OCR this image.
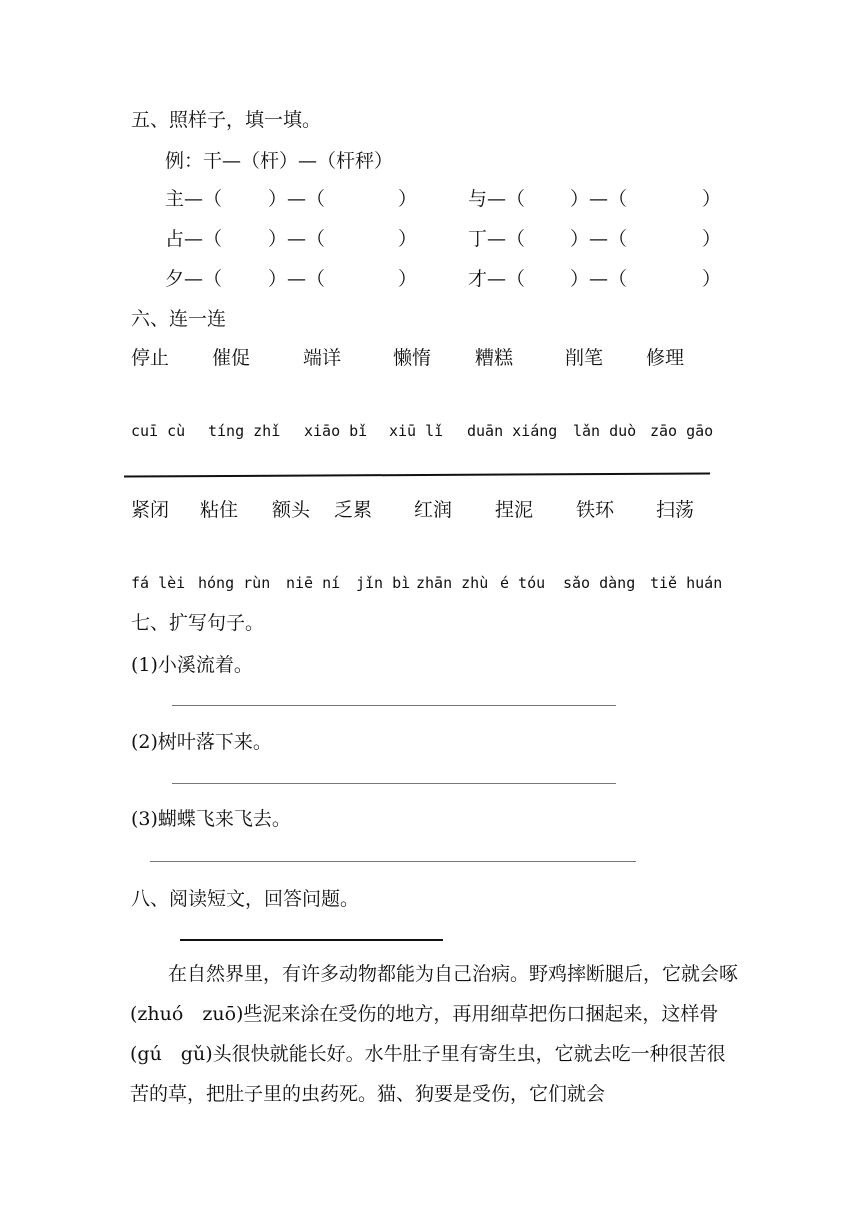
五、照样子，填一填。
例：干—（杆）—（杆秤）
主—（ ）—（	）	与—（ ）—（	）
占—（ ）—（	）	丁—（ ）—（	）
夕—（ ）—（	）	才—（ ）—（	）
六、连一连
停止 催促	端详	懒惰 糟糕	削笔 修理
cuī cù tíng zhǐ xiāo bǐ xiū lǐ duān xiáng lǎn duò zāo gāo
紧闭 粘住 额头 乏累 红润 捏泥 铁环 扫荡
fá lèi hóng rùn niē ní jǐn bì zhān zhù é tóu sǎo dàng tiě huán
七、扩写句子。
(1)小溪流着。
(2)树叶落下来。
(3)蝴蝶飞来飞去。
八、阅读短文，回答问题。
在自然界里，有许多动物都能为自己治病。野鸡摔断腿后，它就会啄(zhuó　zuō)些泥来涂在受伤的地方，再用细草把伤口捆起来，这样骨(gú　gǔ)头很快就能长好。水牛肚子里有寄生虫，它就去吃一种很苦很苦的草，把肚子里的虫药死。猫、狗要是受伤，它们就会
